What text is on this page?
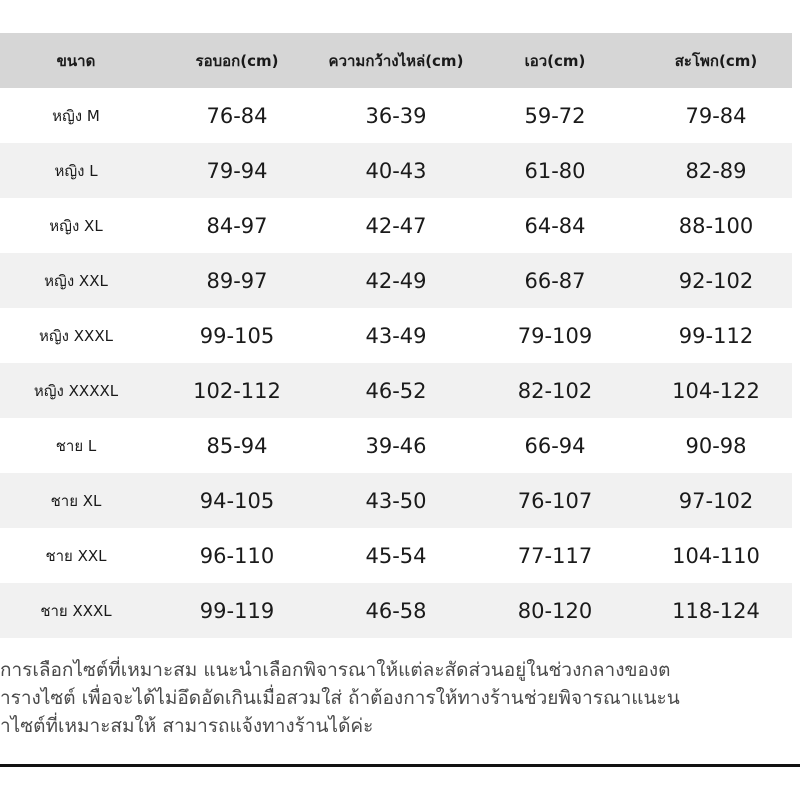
ขนาด	รอบอก(cm)	ความกว้างไหล่(cm)	เอว(cm)	สะโพก(cm)
หญิง M	76-84	36-39	59-72	79-84
หญิง L	79-94	40-43	61-80	82-89
หญิง XL	84-97	42-47	64-84	88-100
หญิง XXL	89-97	42-49	66-87	92-102
หญิง XXXL	99-105	43-49	79-109	99-112
หญิง XXXXL	102-112	46-52	82-102	104-122
ชาย L	85-94	39-46	66-94	90-98
ชาย XL	94-105	43-50	76-107	97-102
ชาย XXL	96-110	45-54	77-117	104-110
ชาย XXXL	99-119	46-58	80-120	118-124
การเลือกไซต์ที่เหมาะสม แนะนำเลือกพิจารณาให้แต่ละสัดส่วนอยู่ในช่วงกลางของต
ารางไซต์ เพื่อจะได้ไม่อึดอัดเกินเมื่อสวมใส่ ถ้าต้องการให้ทางร้านช่วยพิจารณาแนะน
าไซต์ที่เหมาะสมให้ สามารถแจ้งทางร้านได้ค่ะ
